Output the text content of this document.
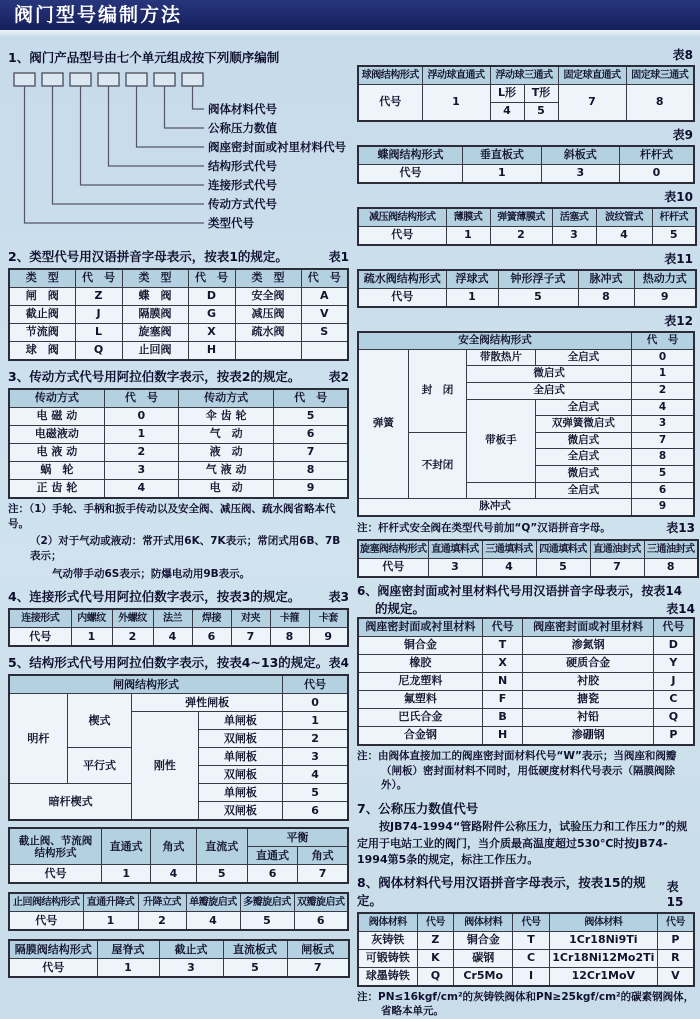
阀门型号编制方法
1、阀门产品型号由七个单元组成按下列顺序编制
阀体材料代号
公称压力数值
阀座密封面或衬里材料代号
结构形式代号
连接形式代号
传动方式代号
类型代号
2、类型代号用汉语拼音字母表示，按表1的规定。	表1
类　型	代　号	类　型	代　号	类　型	代　号
闸　阀	Z	蝶　阀	D	安全阀	A
截止阀	J	隔膜阀	G	减压阀	V
节流阀	L	旋塞阀	X	疏水阀	S
球　阀	Q	止回阀	H		
3、传动方式代号用阿拉伯数字表示，按表2的规定。 表2
传动方式	代　号	传动方式	代　号
电 磁 动	0	伞 齿 轮	5
电磁液动	1	气　动	6
电 液 动	2	液　动	7
蜗　轮	3	气 液 动	8
正 齿 轮	4	电　动	9
注：（1）手轮、手柄和扳手传动以及安全阀、减压阀、疏水阀省略本代号。
（2）对于气动或液动：常开式用6K、7K表示；常闭式用6B、7B表示；
气动带手动6S表示；防爆电动用9B表示。
4、连接形式代号用阿拉伯数字表示，按表3的规定。 表3
连接形式	内螺纹	外螺纹	法兰	焊接	对夹	卡箍	卡套
代号	1	2	4	6	7	8	9
5、结构形式代号用阿拉伯数字表示，按表4~13的规定。 表4
闸阀结构形式				代号
明杆	楔式	弹性闸板		0
		刚性	单闸板	1
			双闸板	2
	平行式		单闸板	3
			双闸板	4
暗杆楔式			单闸板	5
			双闸板	6
截止阀、节流阀
结构形式	直通式	角式	直流式	平衡	
				直通式	角式
代号	1	4	5	6	7
止回阀结构形式	直通升降式	升降立式	单瓣旋启式	多瓣旋启式	双瓣旋启式
代号	1	2	4	5	6
隔膜阀结构形式	屋脊式	截止式	直流板式	闸板式
代号	1	3	5	7
表8
球阀结构形式	浮动球直通式	浮动球三通式		固定球直通式	固定球三通式
代号	1	L形	T形	7	8
		4	5		
表9
蝶阀结构形式	垂直板式	斜板式	杆杆式
代号	1	3	0
表10
减压阀结构形式	薄膜式	弹簧薄膜式	活塞式	波纹管式	杆杆式
代号	1	2	3	4	5
表11
疏水阀结构形式	浮球式	钟形浮子式	脉冲式	热动力式
代号	1	5	8	9
表12
安全阀结构形式				代　号
弹簧	封　闭	带散热片	全启式	0
		微启式		1
		全启式		2
		带板手	全启式	4
			双弹簧微启式	3
	不封闭		微启式	7
			全启式	8
			微启式	5
			全启式	6
脉冲式				9
注：杆杆式安全阀在类型代号前加“Q”汉语拼音字母。	表13
旋塞阀结构形式	直通填料式	三通填料式	四通填料式	直通油封式	三通油封式
代号	3	4	5	7	8
6、阀座密封面或衬里材料代号用汉语拼音字母表示，按表14
的规定。	表14
阀座密封面或衬里材料	代号	阀座密封面或衬里材料	代号
铜合金	T	渗氮钢	D
橡胶	X	硬质合金	Y
尼龙塑料	N	衬胶	J
氟塑料	F	搪瓷	C
巴氏合金	B	衬铅	Q
合金钢	H	渗硼钢	P
注：由阀体直接加工的阀座密封面材料代号“W”表示；当阀座和阀瓣（闸板）密封面材料不同时，用低硬度材料代号表示（隔膜阀除外）。
7、公称压力数值代号
按JB74-1994“管路附件公称压力，试验压力和工作压力”的规定用于电站工业的阀门，当介质最高温度超过530℃时按JB74-1994第5条的规定，标注工作压力。
8、阀体材料代号用汉语拼音字母表示，按表15的规定。
表15
阀体材料	代号	阀体材料	代号	阀体材料	代号
灰铸铁	Z	铜合金	T	1Cr18Ni9Ti	P
可锻铸铁	K	碳钢	C	1Cr18Ni12Mo2Ti	R
球墨铸铁	Q	Cr5Mo	I	12Cr1MoV	V
注：PN≤16kgf/cm²的灰铸铁阀体和PN≥25kgf/cm²的碳素钢阀体，省略本单元。
